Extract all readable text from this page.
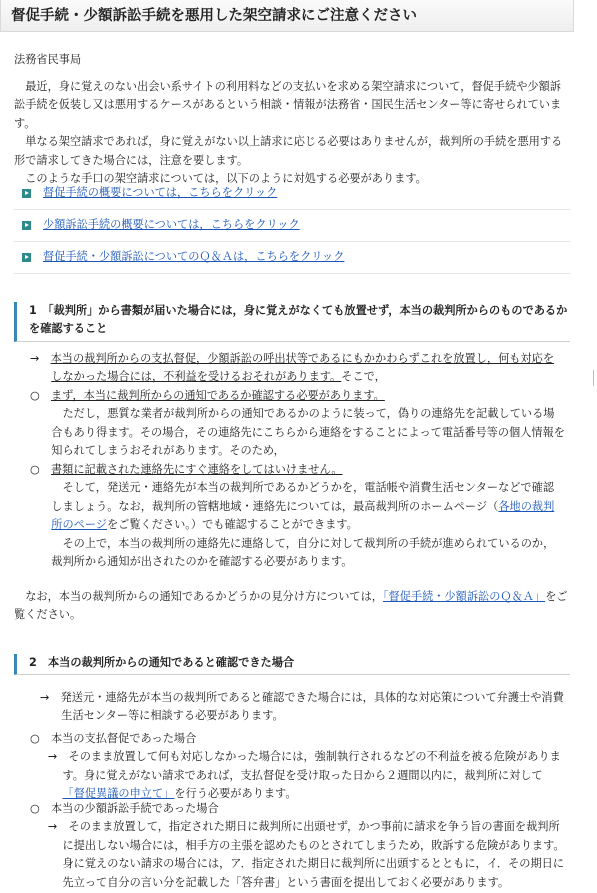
督促手続・少額訴訟手続を悪用した架空請求にご注意ください
法務省民事局

最近，身に覚えのない出会い系サイトの利用料などの支払いを求める架空請求について，督促手続や少額訴訟手続を仮装し又は悪用するケースがあるという相談・情報が法務省・国民生活センター等に寄せられています。

単なる架空請求であれば，身に覚えがない以上請求に応じる必要はありませんが，裁判所の手続を悪用する形で請求してきた場合には，注意を要します。

このような手口の架空請求については，以下のように対処する必要があります。

督促手続の概要については，こちらをクリック
少額訴訟手続の概要については，こちらをクリック
督促手続・少額訴訟についてのＱ＆Ａは，こちらをクリック
1　「裁判所」から書類が届いた場合には，身に覚えがなくても放置せず，本当の裁判所からのものであるかを確認すること

→　 本当の裁判所からの支払督促，少額訴訟の呼出状等であるにもかかわらずこれを放置し，何も対応をしなかった場合には，不利益を受けるおそれがあります。そこで，

○　 まず，本当に裁判所からの通知であるか確認する必要があります。

ただし，悪質な業者が裁判所からの通知であるかのように装って，偽りの連絡先を記載している場合もあり得ます。その場合，その連絡先にこちらから連絡をすることによって電話番号等の個人情報を知られてしまうおそれがあります。そのため，

○　 書類に記載された連絡先にすぐ連絡をしてはいけません。

そして，発送元・連絡先が本当の裁判所であるかどうかを，電話帳や消費生活センターなどで確認しましょう。なお，裁判所の管轄地域・連絡先については，最高裁判所のホームページ（各地の裁判所のページをご覧ください。）でも確認することができます。

その上で，本当の裁判所の連絡先に連絡して，自分に対して裁判所の手続が進められているのか，裁判所から通知が出されたのかを確認する必要があります。

なお，本当の裁判所からの通知であるかどうかの見分け方については，「督促手続・少額訴訟のＱ＆Ａ」をご覧ください。

2　本当の裁判所からの通知であると確認できた場合

→　 発送元・連絡先が本当の裁判所であると確認できた場合には，具体的な対応策について弁護士や消費生活センター等に相談する必要があります。

○　 本当の支払督促であった場合

→　 そのまま放置して何も対応しなかった場合には，強制執行されるなどの不利益を被る危険があります。身に覚えがない請求であれば，支払督促を受け取った日から２週間以内に，裁判所に対して「督促異議の申立て」を行う必要があります。

○　 本当の少額訴訟手続であった場合

→　 そのまま放置して，指定された期日に裁判所に出頭せず，かつ事前に請求を争う旨の書面を裁判所に提出しない場合には，相手方の主張を認めたものとされてしまうため，敗訴する危険があります。身に覚えのない請求の場合には，ア．指定された期日に裁判所に出頭するとともに，イ．その期日に先立って自分の言い分を記載した「答弁書」という書面を提出しておく必要があります。
